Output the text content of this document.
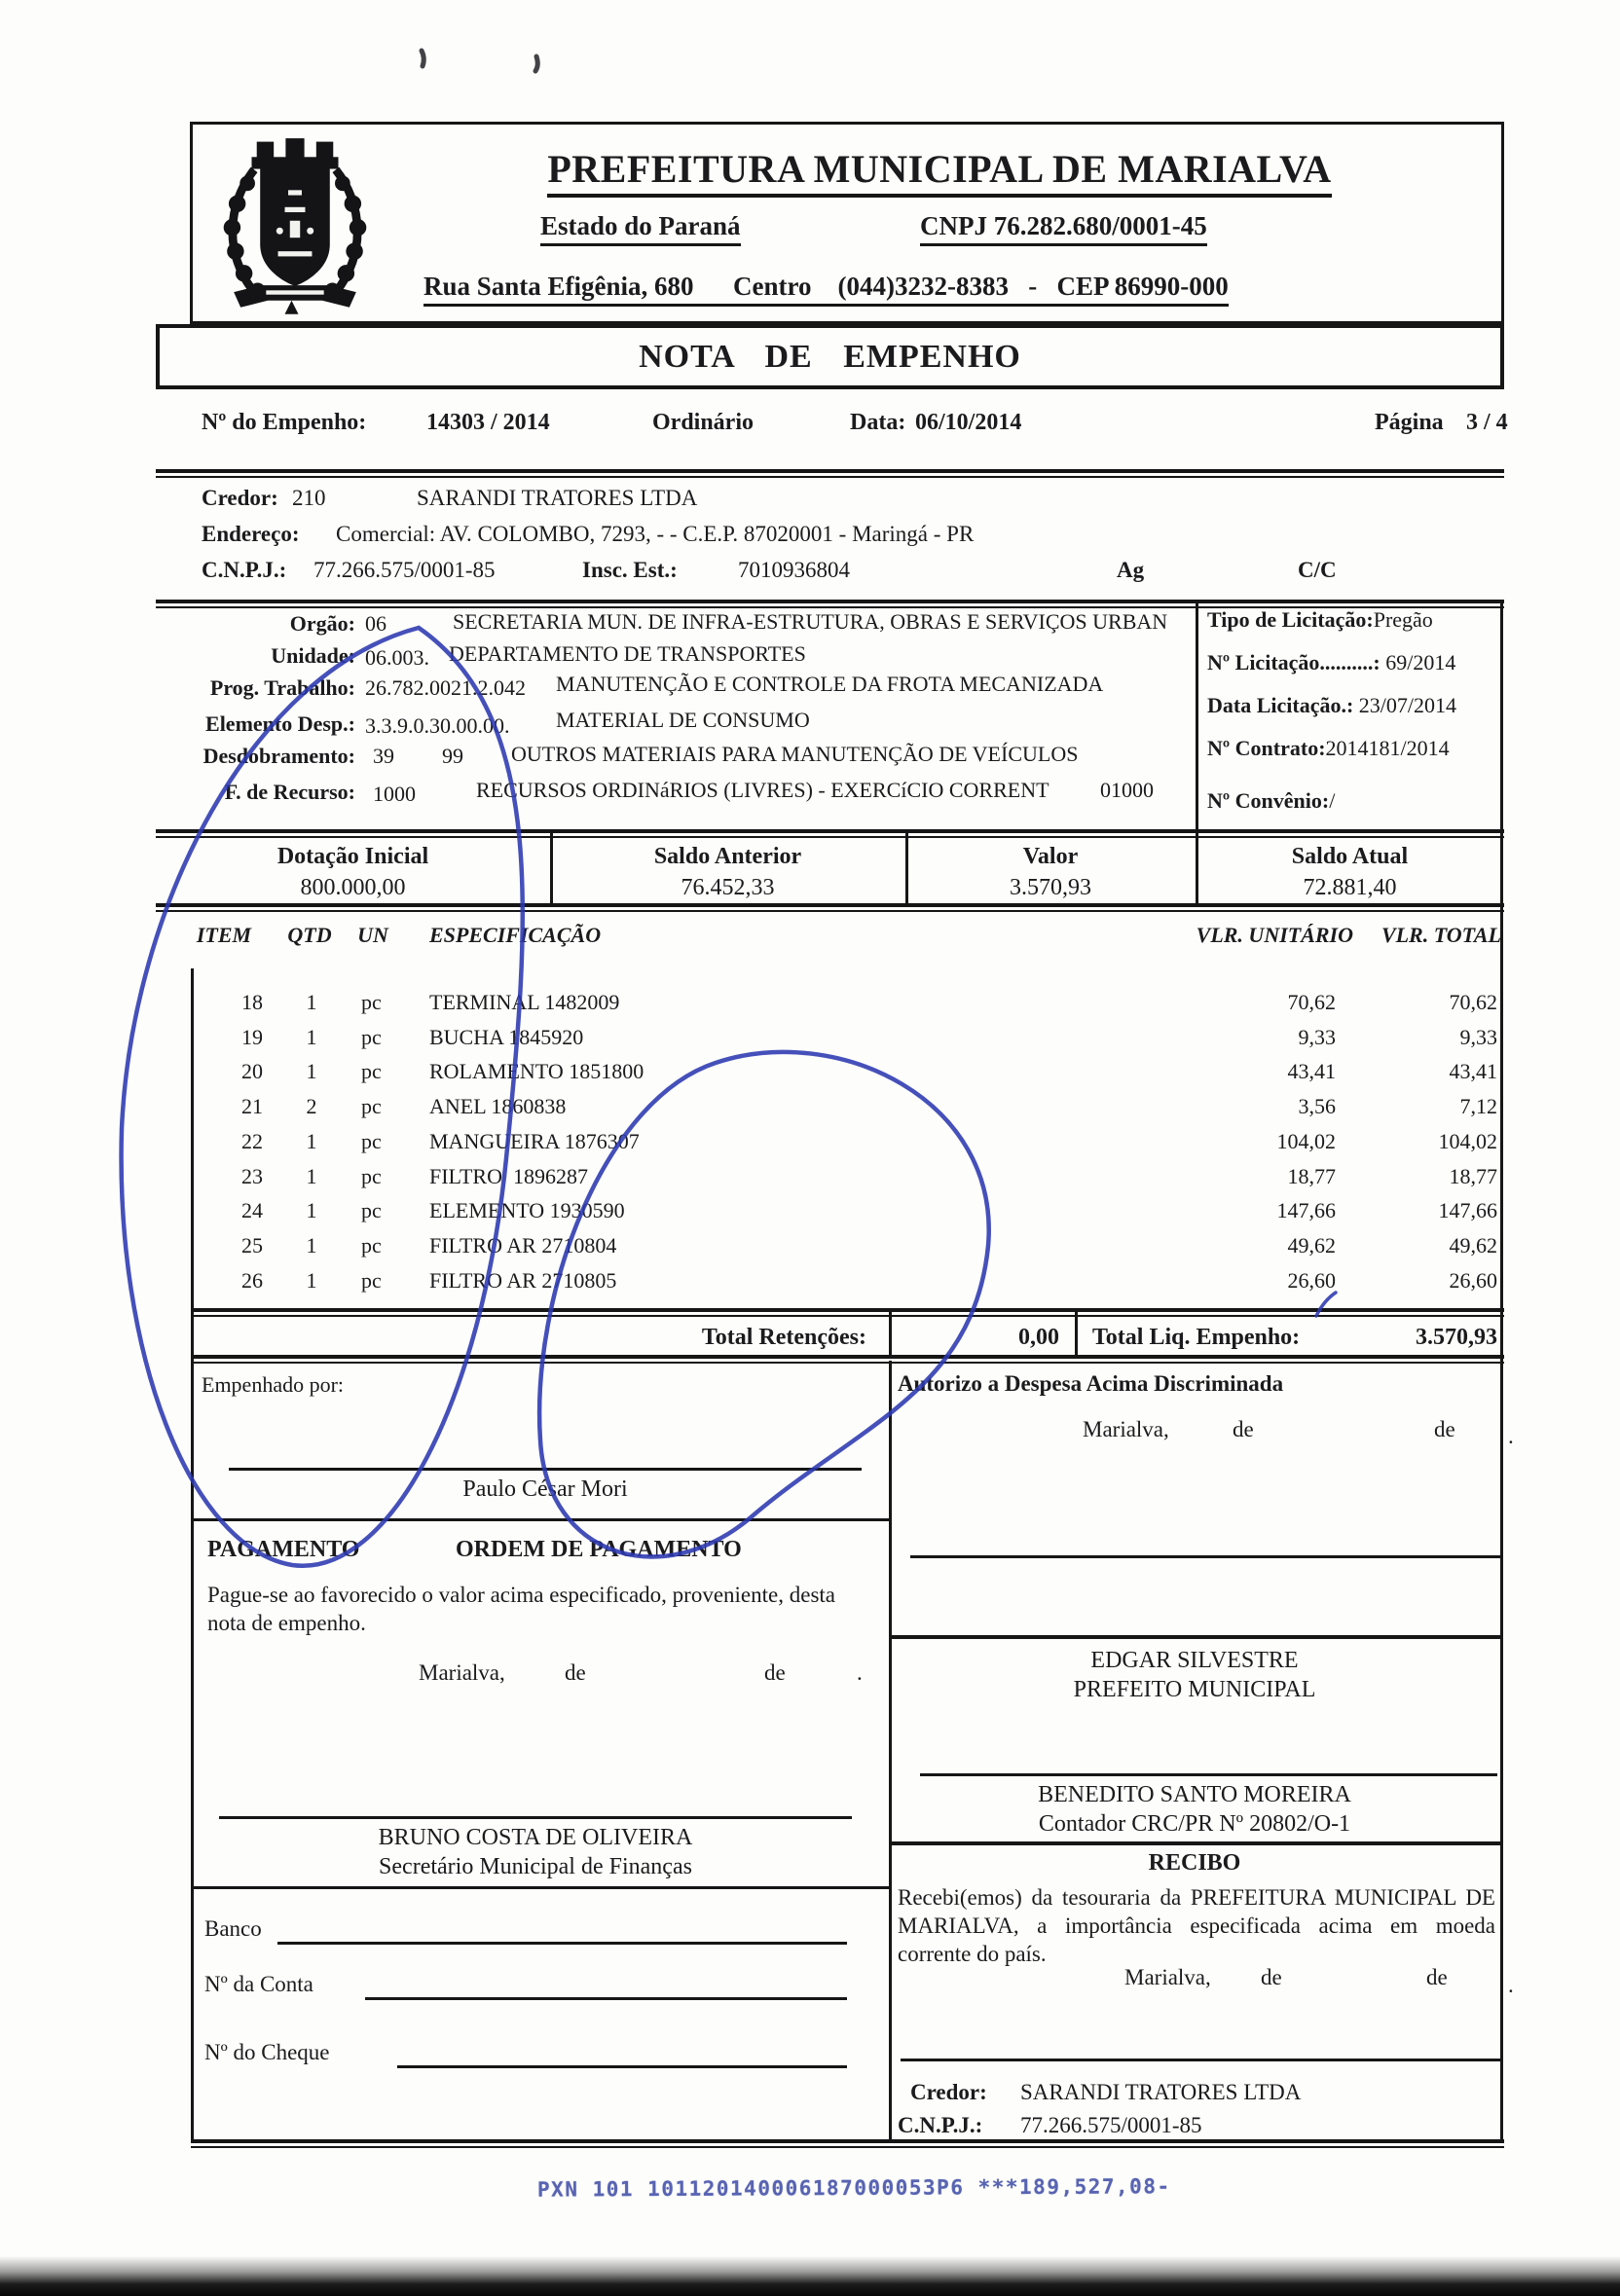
PREFEITURA MUNICIPAL DE MARIALVA
Estado do Paraná	CNPJ 76.282.680/0001-45
Rua Santa Efigênia, 680      Centro    (044)3232-8383   -   CEP 86990-000
NOTA DE EMPENHO
Nº do Empenho:	14303 / 2014	Ordinário	Data: 06/10/2014	Página 3 / 4
Credor: 210	SARANDI TRATORES LTDA
Endereço: Comercial: AV. COLOMBO, 7293, - - C.E.P. 87020001 - Maringá - PR
C.N.P.J.: 77.266.575/0001-85	Insc. Est.:	7010936804	Ag	C/C
Orgão: 06	SECRETARIA MUN. DE INFRA-ESTRUTURA, OBRAS E SERVIÇOS URBAN
Unidade: 06.003. DEPARTAMENTO DE TRANSPORTES
Prog. Trabalho: 26.782.0021.2.042 MANUTENÇÃO E CONTROLE DA FROTA MECANIZADA
Elemento Desp.: 3.3.9.0.30.00.00. MATERIAL DE CONSUMO
Desdobramento: 39 99 OUTROS MATERIAIS PARA MANUTENÇÃO DE VEÍCULOS
F. de Recurso: 1000	RECURSOS ORDINáRIOS (LIVRES) - EXERCíCIO CORRENT 01000
Tipo de Licitação:Pregão
Nº Licitação..........: 69/2014
Data Licitação.: 23/07/2014
Nº Contrato:2014181/2014
Nº Convênio:/
Dotação Inicial
800.000,00
Saldo Anterior
76.452,33
Valor
3.570,93
Saldo Atual
72.881,40
ITEM	QTD	UN	ESPECIFICAÇÃO	VLR. UNITÁRIO	VLR. TOTAL
18	1	pc TERMINAL 1482009	70,62	70,62
19	1	pc BUCHA 1845920	9,33	9,33
20	1	pc ROLAMENTO 1851800	43,41	43,41
21	2	pc ANEL 1860838	3,56	7,12
22	1	pc MANGUEIRA 1876307	104,02	104,02
23	1	pc FILTRO  1896287	18,77	18,77
24	1	pc ELEMENTO 1930590	147,66	147,66
25	1	pc FILTRO AR 2710804	49,62	49,62
26	1	pc FILTRO AR 2710805	26,60	26,60
Total Retenções:	0,00 Total Liq. Empenho:	3.570,93
Empenhado por:
Paulo César Mori
PAGAMENTO	ORDEM DE PAGAMENTO
Pague-se ao favorecido o valor acima especificado, proveniente, desta nota de empenho.
Marialva,	de	de	.
BRUNO COSTA DE OLIVEIRA
Secretário Municipal de Finanças
Banco
Nº da Conta
Nº do Cheque
Autorizo a Despesa Acima Discriminada
Marialva,	de	de .
EDGAR SILVESTRE
PREFEITO MUNICIPAL
BENEDITO SANTO MOREIRA
Contador CRC/PR Nº 20802/O-1
RECIBO
Recebi(emos) da tesouraria da PREFEITURA MUNICIPAL DE MARIALVA, a importância especificada acima em moeda corrente do país.
Marialva, de	de	.
Credor: SARANDI TRATORES LTDA
C.N.P.J.: 77.266.575/0001-85
PXN 101 101120140006187000053P6 ***189,527,08-
